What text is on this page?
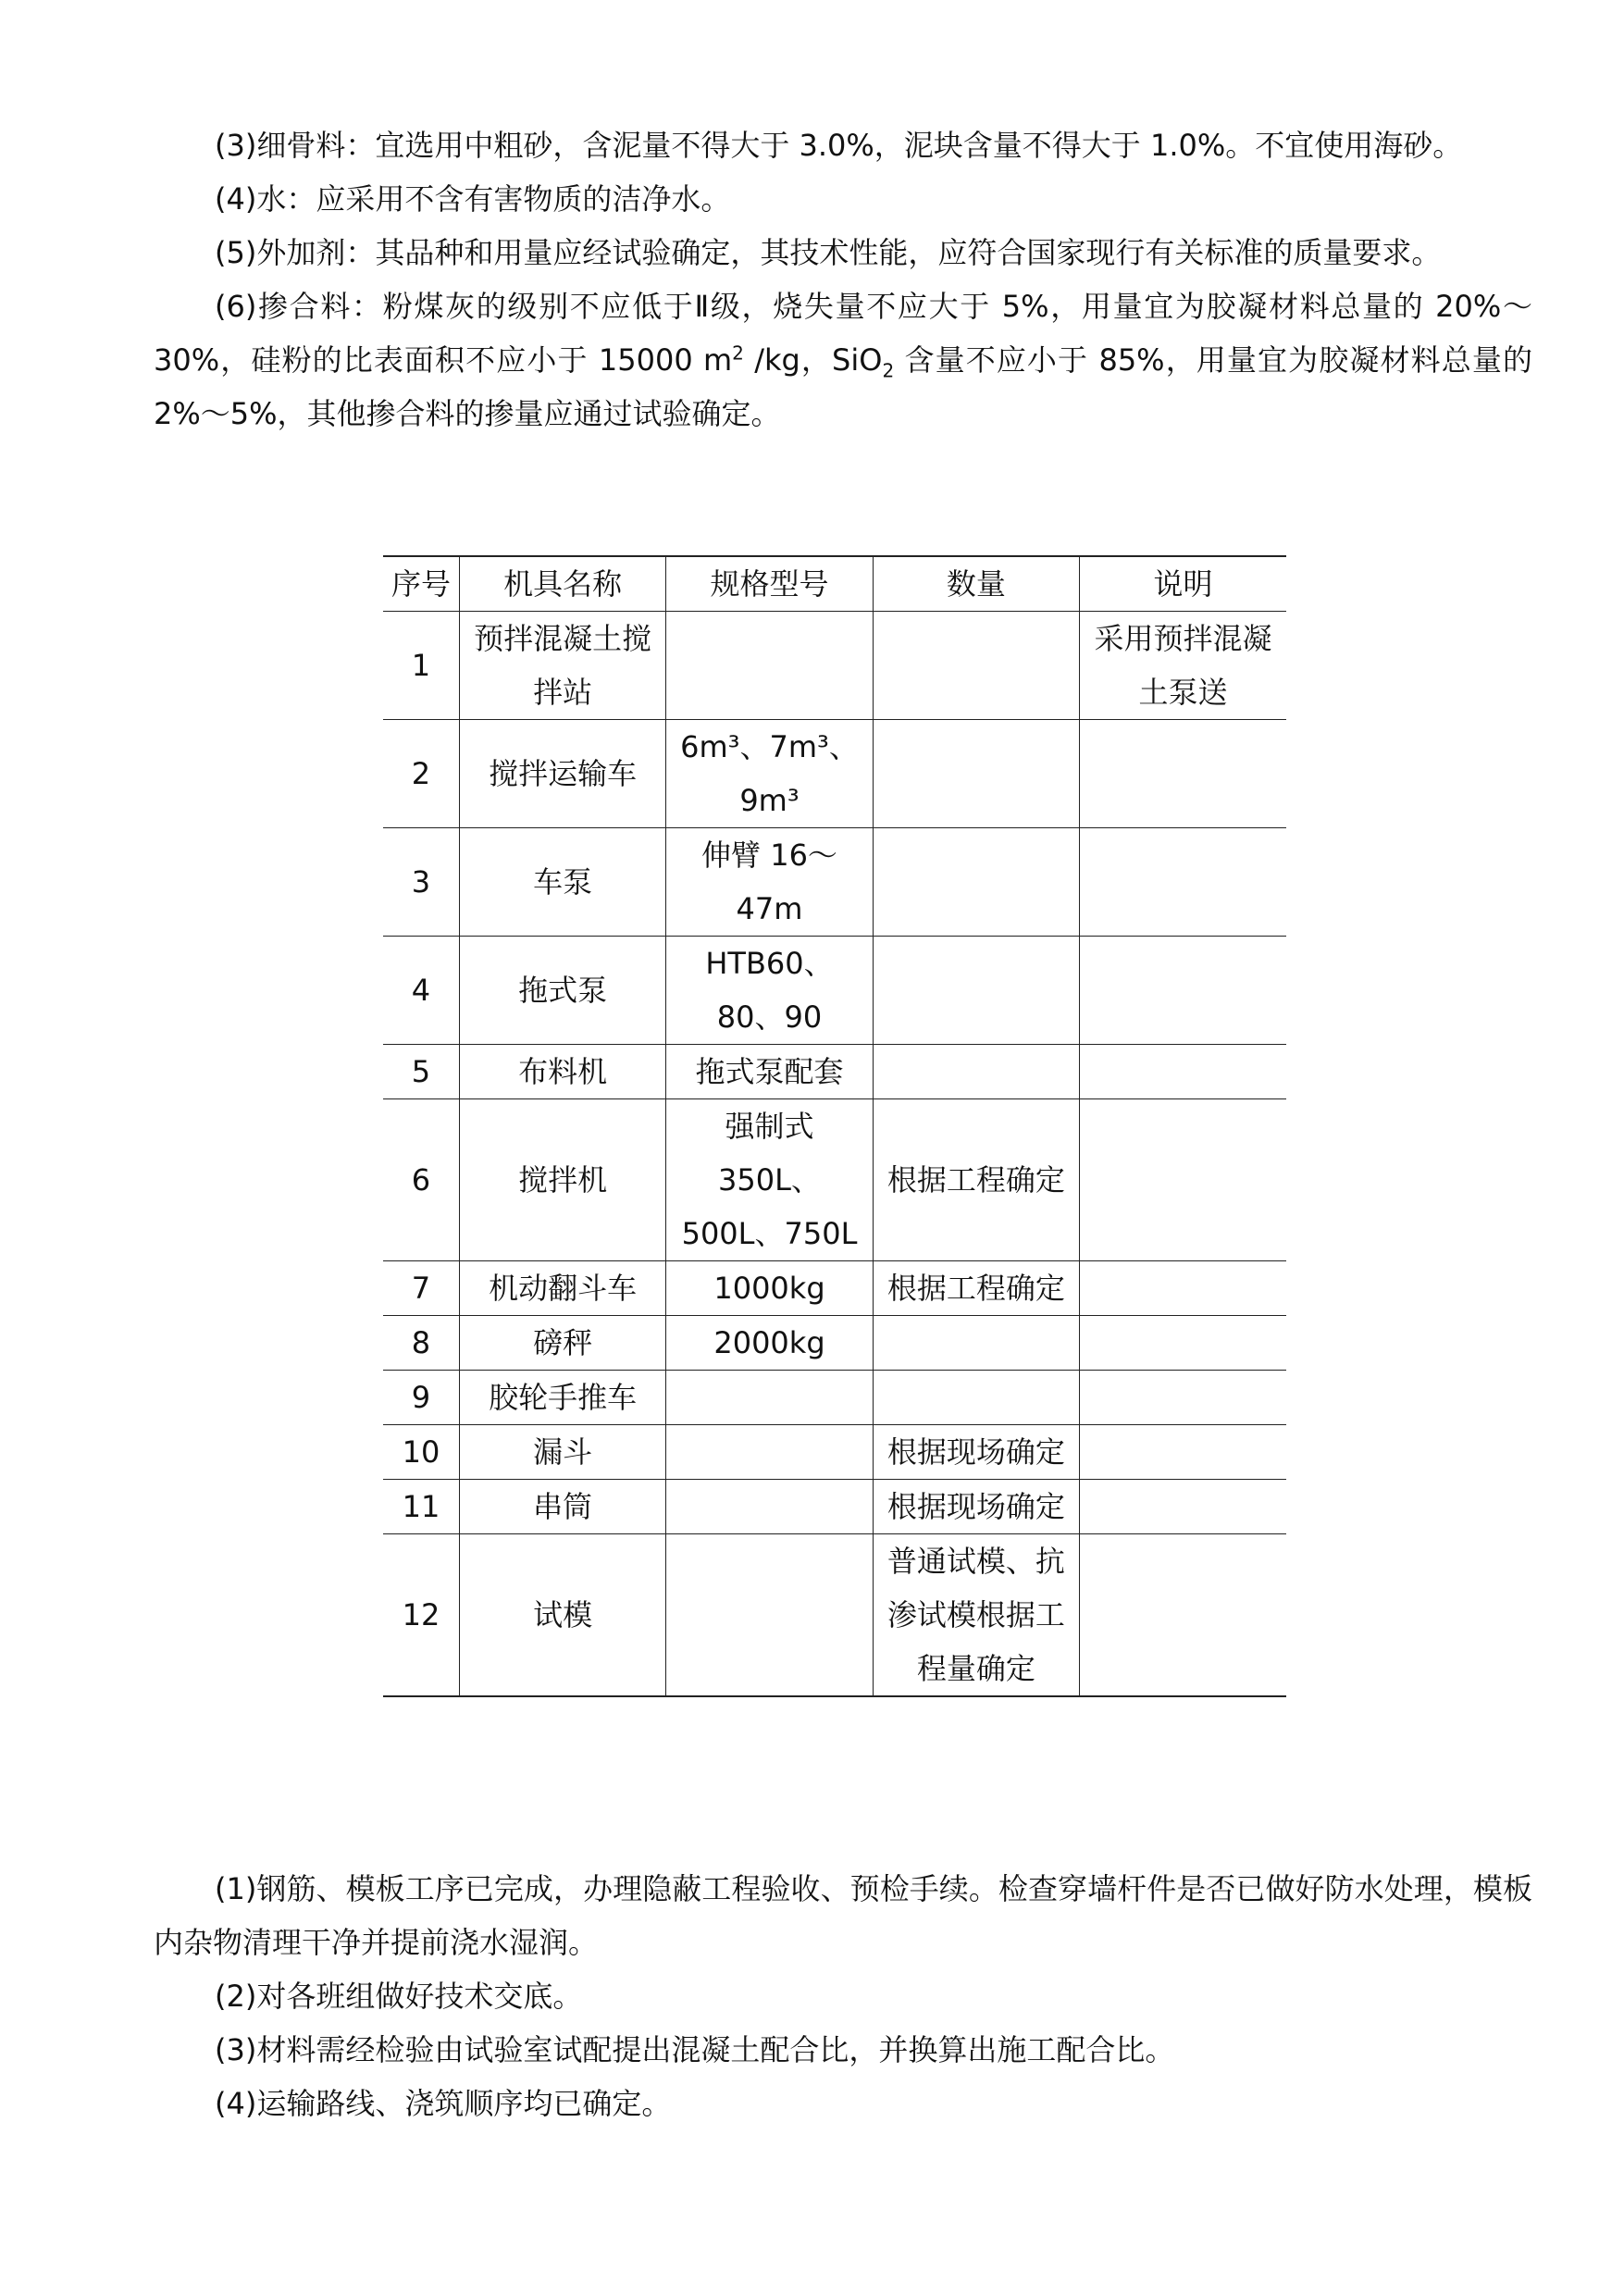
(3)细骨料：宜选用中粗砂，含泥量不得大于 3.0%，泥块含量不得大于 1.0%。不宜使用海砂。

(4)水：应采用不含有害物质的洁净水。

(5)外加剂：其品种和用量应经试验确定，其技术性能，应符合国家现行有关标准的质量要求。

(6)掺合料：粉煤灰的级别不应低于Ⅱ级，烧失量不应大于 5%，用量宜为胶凝材料总量的 20%～30%，硅粉的比表面积不应小于 15000 $m^2$ /kg，SiO$_2$ 含量不应小于 85%，用量宜为胶凝材料总量的 2%～5%，其他掺合料的掺量应通过试验确定。

序号	机具名称	规格型号	数量	说明
1	预拌混凝土搅拌站			采用预拌混凝土泵送
2	搅拌运输车	6m³、7m³、9m³		
3	车泵	伸臂 16～47m		
4	拖式泵	HTB60、80、90		
5	布料机	拖式泵配套		
6	搅拌机	强制式 350L、500L、750L	根据工程确定	
7	机动翻斗车	1000kg	根据工程确定	
8	磅秤	2000kg		
9	胶轮手推车			
10	漏斗		根据现场确定	
11	串筒		根据现场确定	
12	试模		普通试模、抗渗试模根据工程量确定	

(1)钢筋、模板工序已完成，办理隐蔽工程验收、预检手续。检查穿墙杆件是否已做好防水处理，模板内杂物清理干净并提前浇水湿润。

(2)对各班组做好技术交底。

(3)材料需经检验由试验室试配提出混凝土配合比，并换算出施工配合比。

(4)运输路线、浇筑顺序均已确定。
